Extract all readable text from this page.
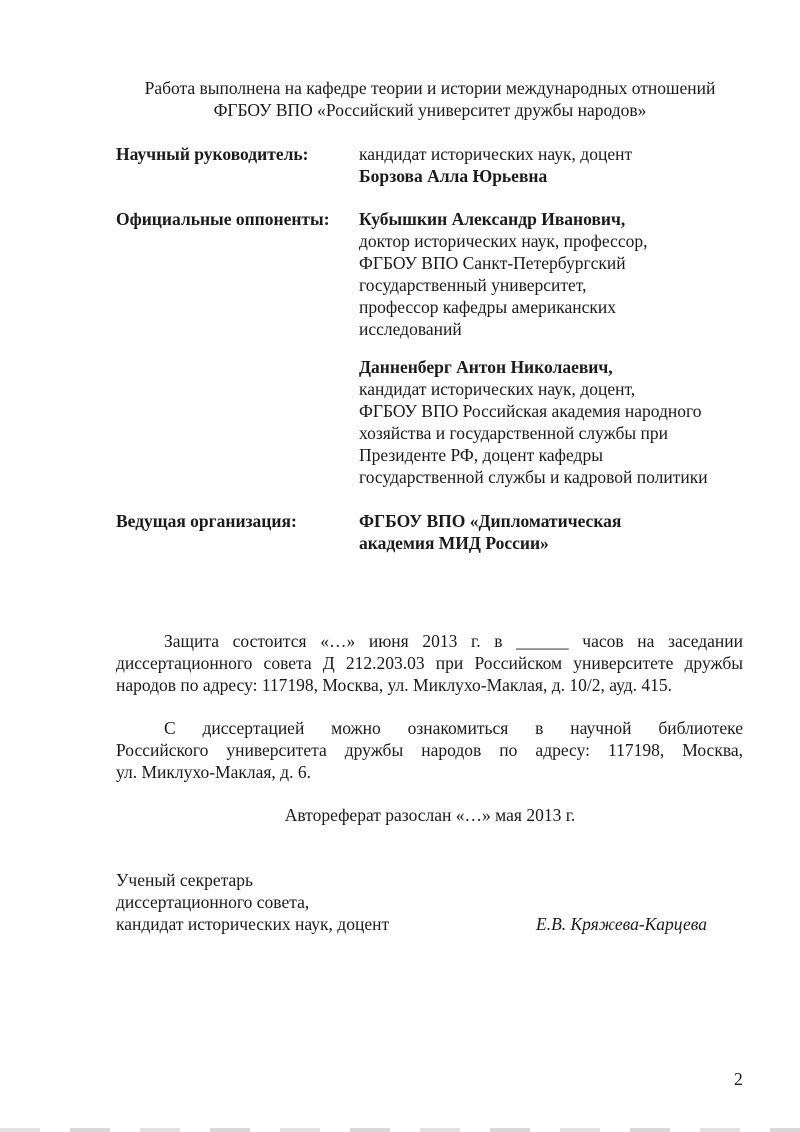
Работа выполнена на кафедре теории и истории международных отношений
ФГБОУ ВПО «Российский университет дружбы народов»
Научный руководитель:	кандидат исторических наук, доцент
Борзова Алла Юрьевна
Официальные оппоненты: Кубышкин Александр Иванович,
доктор исторических наук, профессор,
ФГБОУ ВПО Санкт-Петербургский
государственный университет,
профессор кафедры американских
исследований
Данненберг Антон Николаевич,
кандидат исторических наук, доцент,
ФГБОУ ВПО Российская академия народного
хозяйства и государственной службы при
Президенте РФ, доцент кафедры
государственной службы и кадровой политики
Ведущая организация:	ФГБОУ ВПО «Дипломатическая
академия МИД России»
Защита состоится «…» июня 2013 г. в ______ часов на заседании
диссертационного совета Д 212.203.03 при Российском университете дружбы
народов по адресу: 117198, Москва, ул. Миклухо-Маклая, д. 10/2, ауд. 415.
С диссертацией можно ознакомиться в научной библиотеке
Российского университета дружбы народов по адресу: 117198, Москва,
ул. Миклухо-Маклая, д. 6.
Автореферат разослан «…» мая 2013 г.
Ученый секретарь
диссертационного совета,
кандидат исторических наук, доцент	Е.В. Кряжева-Карцева
2
